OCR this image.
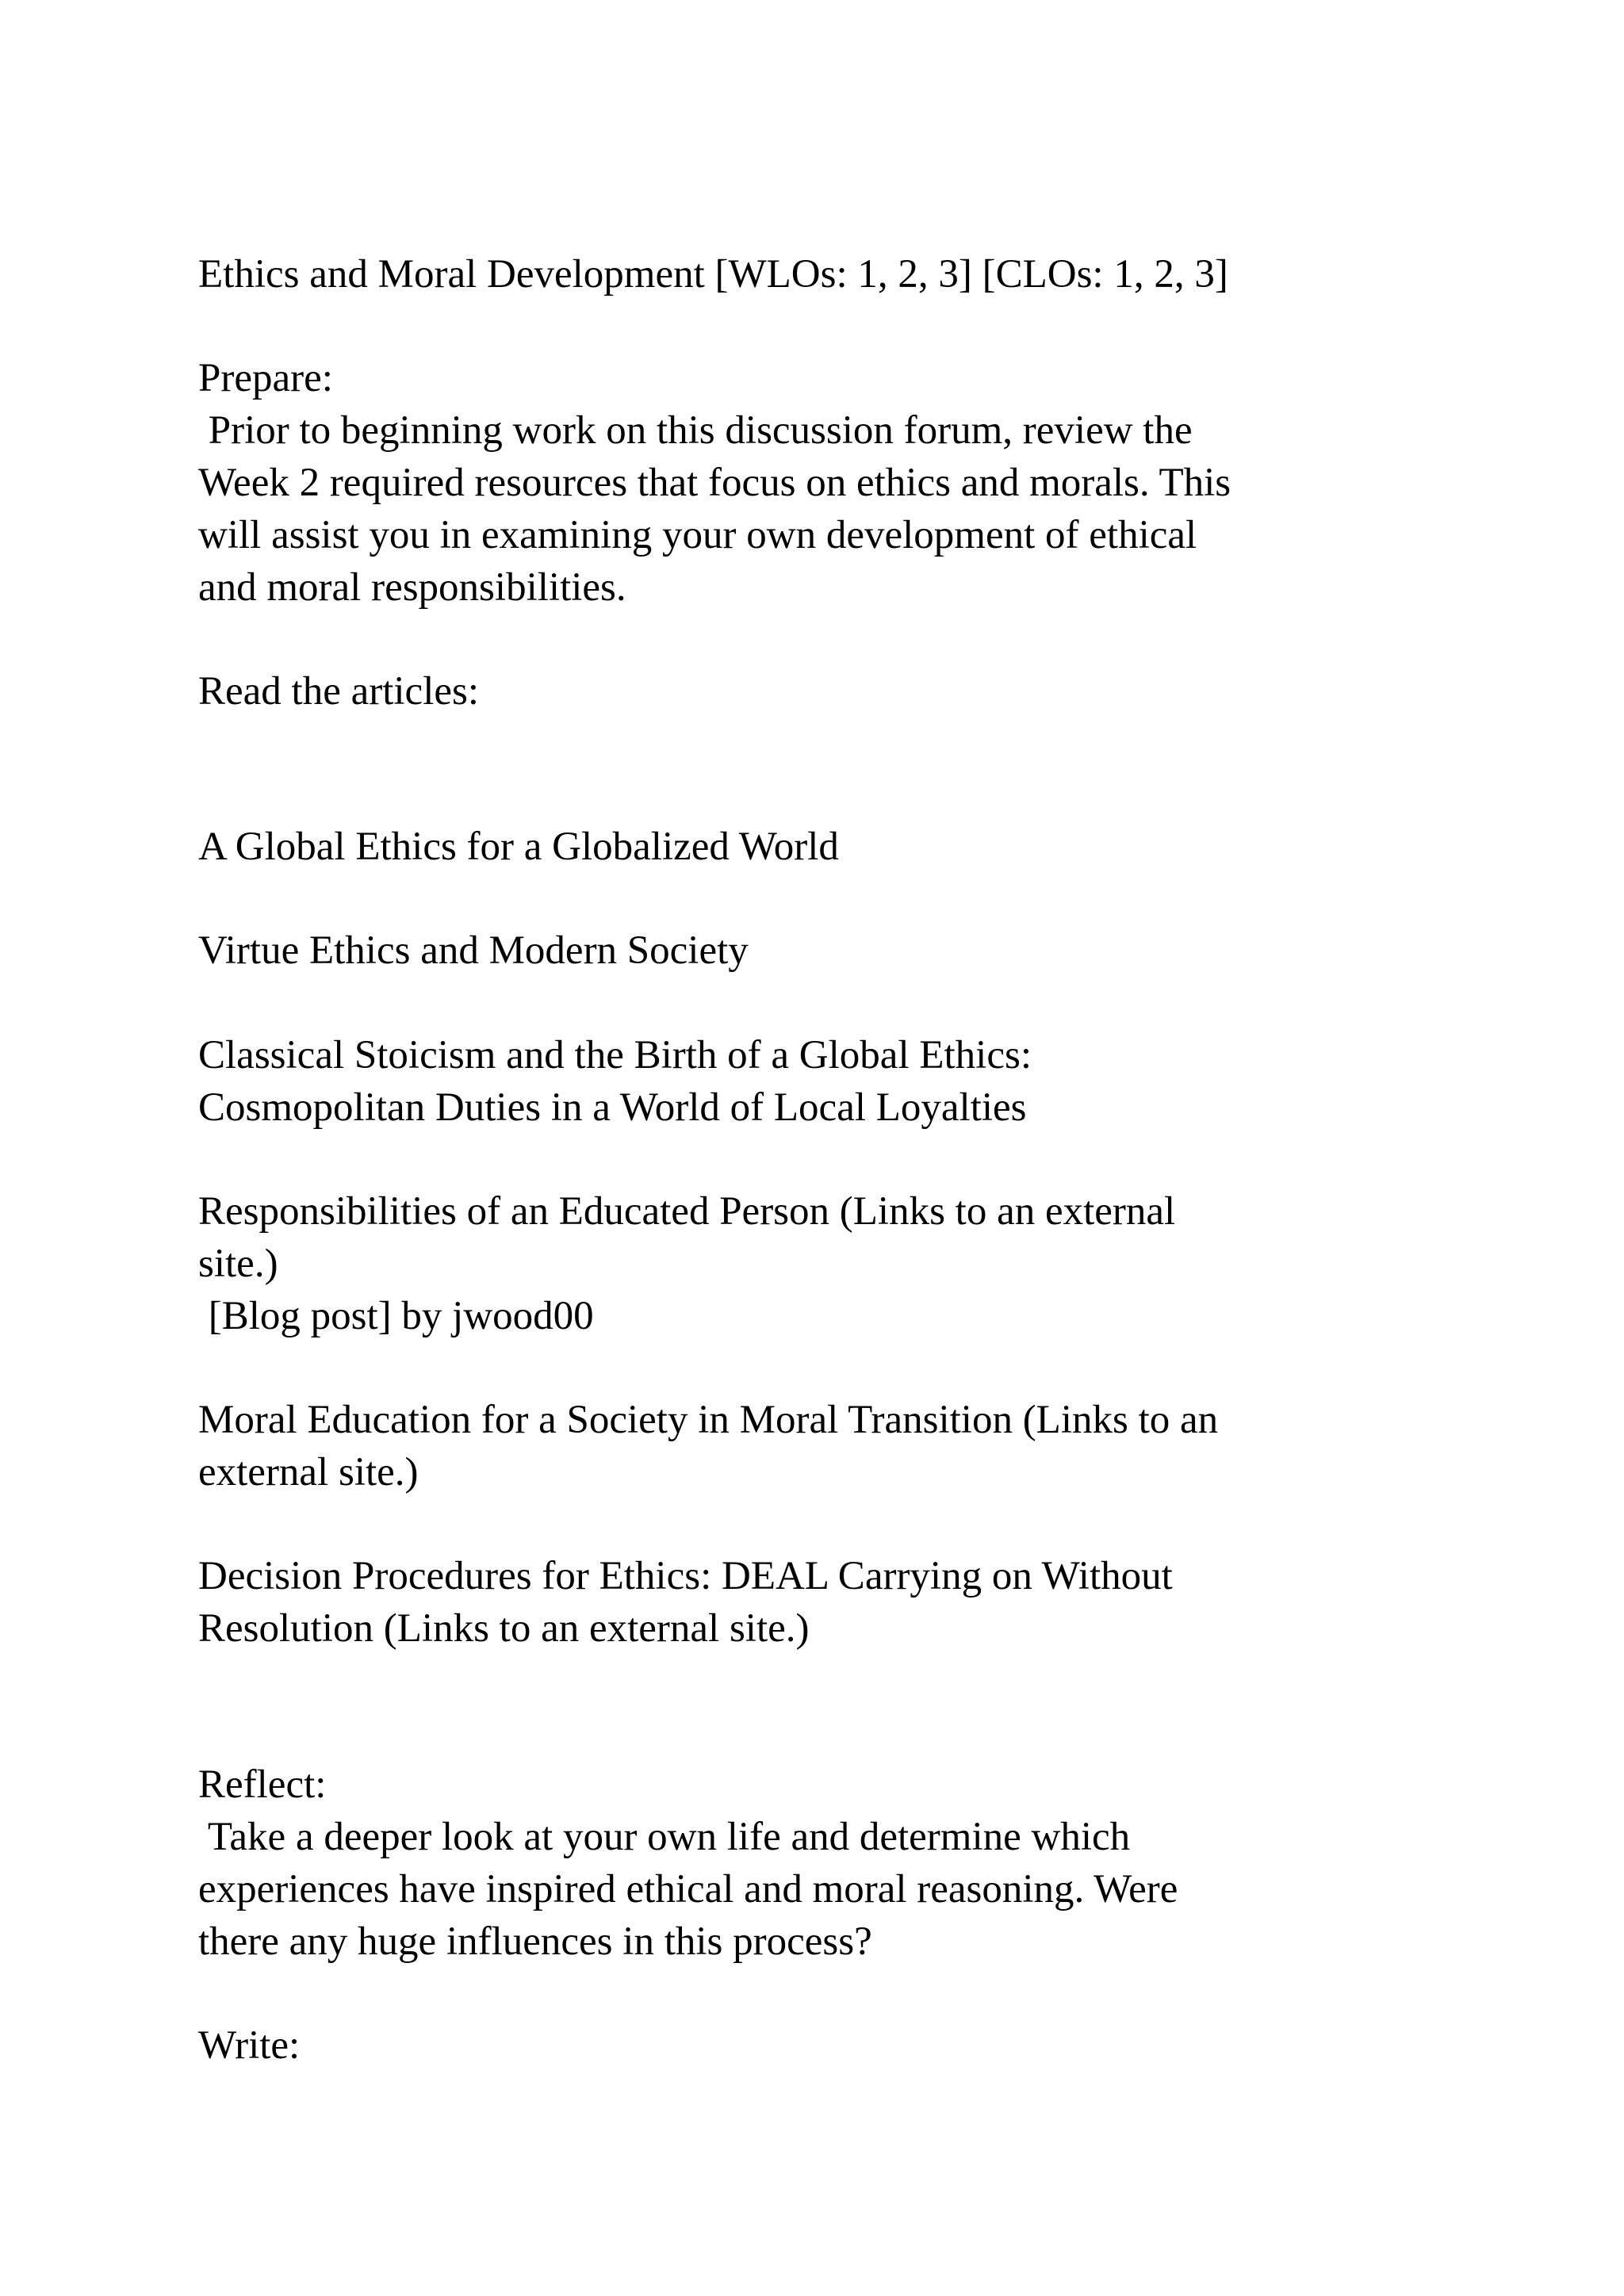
Ethics and Moral Development [WLOs: 1, 2, 3] [CLOs: 1, 2, 3]

Prepare:

Prior to beginning work on this discussion forum, review the

Week 2 required resources that focus on ethics and morals. This

will assist you in examining your own development of ethical

and moral responsibilities.

Read the articles:

A Global Ethics for a Globalized World

Virtue Ethics and Modern Society

Classical Stoicism and the Birth of a Global Ethics:

Cosmopolitan Duties in a World of Local Loyalties

Responsibilities of an Educated Person (Links to an external

site.)

[Blog post] by jwood00

Moral Education for a Society in Moral Transition (Links to an

external site.)

Decision Procedures for Ethics: DEAL Carrying on Without

Resolution (Links to an external site.)

Reflect:

Take a deeper look at your own life and determine which

experiences have inspired ethical and moral reasoning. Were

there any huge influences in this process?

Write:
